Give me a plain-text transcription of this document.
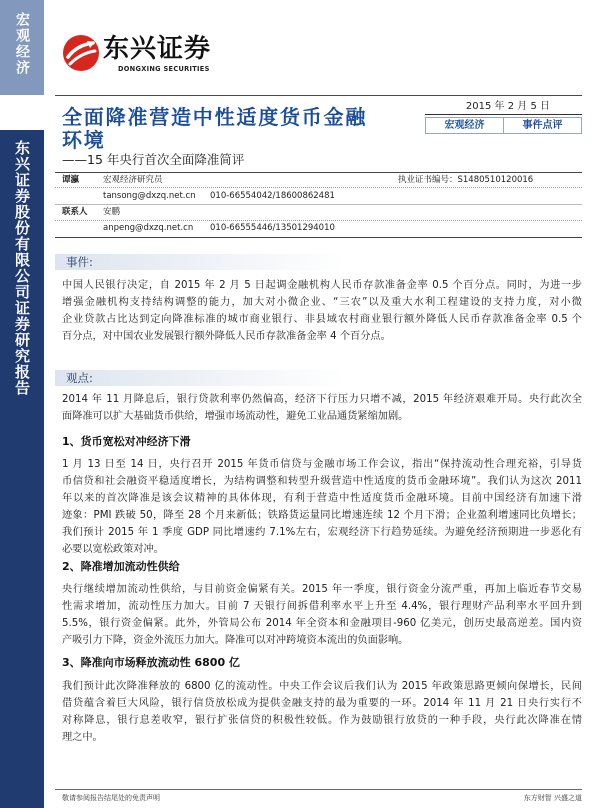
宏观经济
东兴证券股份有限公司证券研究报告
东兴证券
DONGXING SECURITIES
全面降准营造中性适度货币金融
环境
——15 年央行首次全面降准简评
2015 年 2 月 5 日
宏观经济	事件点评
谭瀛	宏观经济研究员	执业证书编号：S1480510120016
tansong@dxzq.net.cn 010-66554042/18600862481
联系人 安鹏
anpeng@dxzq.net.cn 010-66555446/13501294010
事件:
中国人民银行决定，自 2015 年 2 月 5 日起调金融机构人民币存款准备金率 0.5 个百分点。同时，为进一步
增强金融机构支持结构调整的能力，加大对小微企业、“三农”以及重大水利工程建设的支持力度，对小微
企业贷款占比达到定向降准标准的城市商业银行、非县域农村商业银行额外降低人民币存款准备金率 0.5 个
百分点，对中国农业发展银行额外降低人民币存款准备金率 4 个百分点。
观点:
2014 年 11 月降息后，银行贷款利率仍然偏高，经济下行压力只增不减，2015 年经济艰难开局。央行此次全
面降准可以扩大基础货币供给，增强市场流动性，避免工业品通货紧缩加剧。
1、货币宽松对冲经济下滑
1 月 13 日至 14 日，央行召开 2015 年货币信贷与金融市场工作会议，指出“保持流动性合理充裕，引导货
币信贷和社会融资平稳适度增长，为结构调整和转型升级营造中性适度的货币金融环境”。我们认为这次 2011
年以来的首次降准是该会议精神的具体体现，有利于营造中性适度货币金融环境。目前中国经济有加速下滑
迹象：PMI 跌破 50，降至 28 个月来新低；铁路货运量同比增速连续 12 个月下滑；企业盈利增速同比负增长；
我们预计 2015 年 1 季度 GDP 同比增速约 7.1%左右，宏观经济下行趋势延续。为避免经济预期进一步恶化有
必要以宽松政策对冲。
2、降准增加流动性供给
央行继续增加流动性供给，与目前资金偏紧有关。2015 年一季度，银行资金分流严重，再加上临近春节交易
性需求增加，流动性压力加大。目前 7 天银行间拆借利率水平上升至 4.4%，银行理财产品利率水平回升到
5.5%，银行资金偏紧。此外，外管局公布 2014 年全资本和金融项目-960 亿美元，创历史最高逆差。国内资
产吸引力下降，资金外流压力加大。降准可以对冲跨境资本流出的负面影响。
3、降准向市场释放流动性 6800 亿
我们预计此次降准释放的 6800 亿的流动性。中央工作会议后我们认为 2015 年政策思路更倾向保增长，民间
借贷蕴含着巨大风险，银行信贷放松成为提供金融支持的最为重要的一环。2014 年 11 月 21 日央行实行不
对称降息，银行息差收窄，银行扩张信贷的积极性较低。作为鼓励银行放贷的一种手段，央行此次降准在情
理之中。
敬请参阅报告结尾处的免责声明	东方财智 兴盛之道
